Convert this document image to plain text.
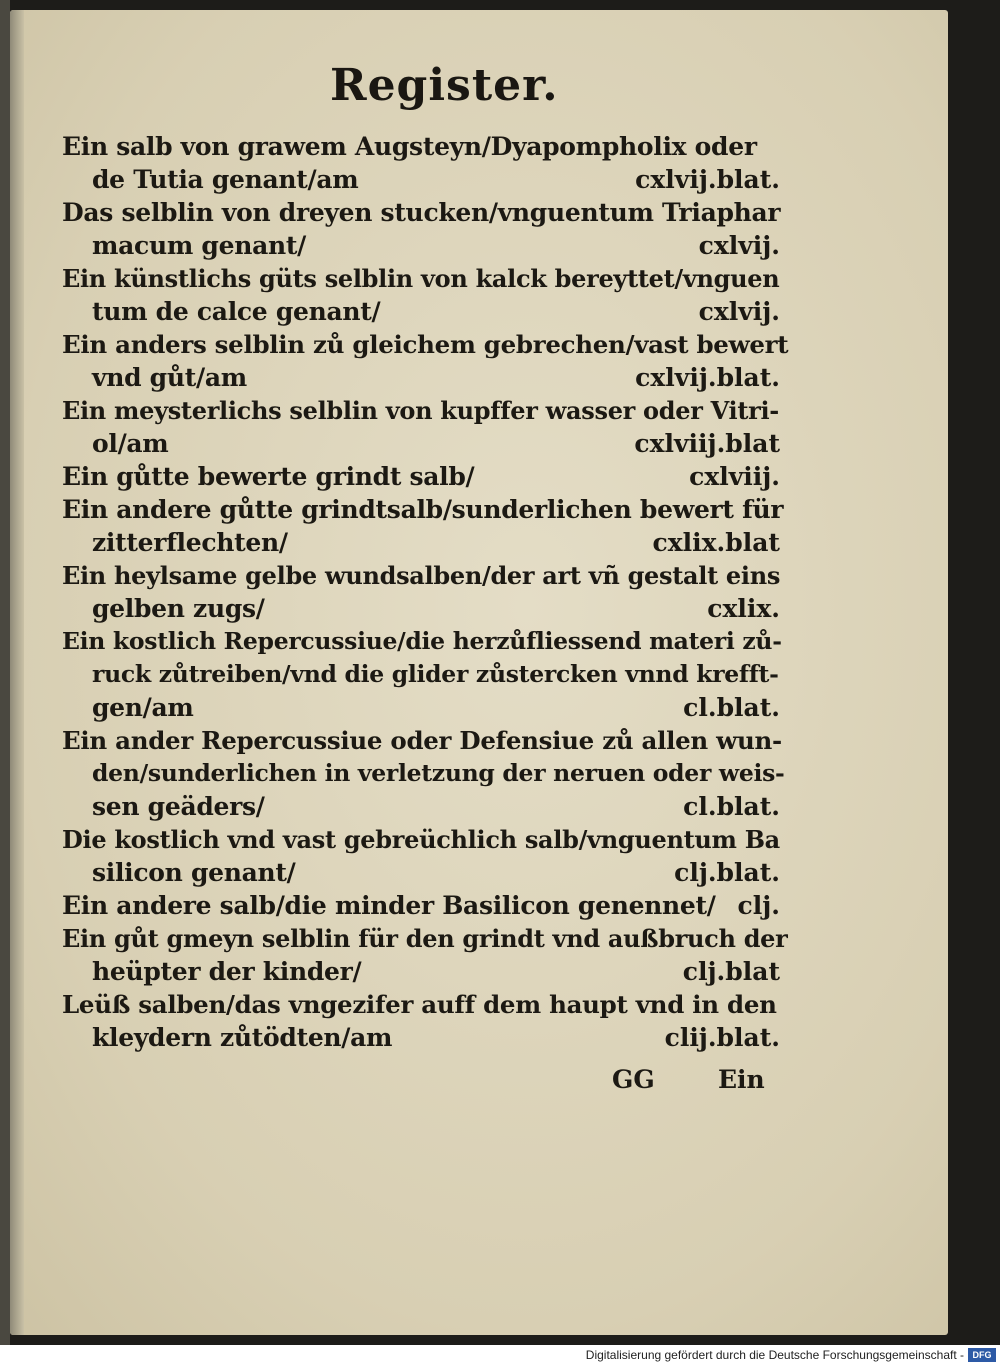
Register.
Ein salb von grawem Augsteyn/Dyapompholix oder
de Tutia genant/am	cxlvij.blat.
Das selblin von dreyen stucken/vnguentum Triaphar
macum genant/	cxlvij.
Ein künstlichs güts selblin von kalck bereyttet/vnguen
tum de calce genant/	cxlvij.
Ein anders selblin zů gleichem gebrechen/vast bewert
vnd gůt/am	cxlvij.blat.
Ein meysterlichs selblin von kupffer wasser oder Vitri-
ol/am	cxlviij.blat
Ein gůtte bewerte grindt salb/	cxlviij.
Ein andere gůtte grindtsalb/sunderlichen bewert für
zitterflechten/	cxlix.blat
Ein heylsame gelbe wundsalben/der art vñ gestalt eins
gelben zugs/	cxlix.
Ein kostlich Repercussiue/die herzůfliessend materi zů-
ruck zůtreiben/vnd die glider zůstercken vnnd krefft-
gen/am	cl.blat.
Ein ander Repercussiue oder Defensiue zů allen wun-
den/sunderlichen in verletzung der neruen oder weis-
sen geäders/	cl.blat.
Die kostlich vnd vast gebreüchlich salb/vnguentum Ba
silicon genant/	clj.blat.
Ein andere salb/die minder Basilicon genennet/ clj.
Ein gůt gmeyn selblin für den grindt vnd außbruch der
heüpter der kinder/	clj.blat
Leüß salben/das vngezifer auff dem haupt vnd in den
kleydern zůtödten/am	clij.blat.
GG	Ein
Digitalisierung gefördert durch die Deutsche Forschungsgemeinschaft - DFG
